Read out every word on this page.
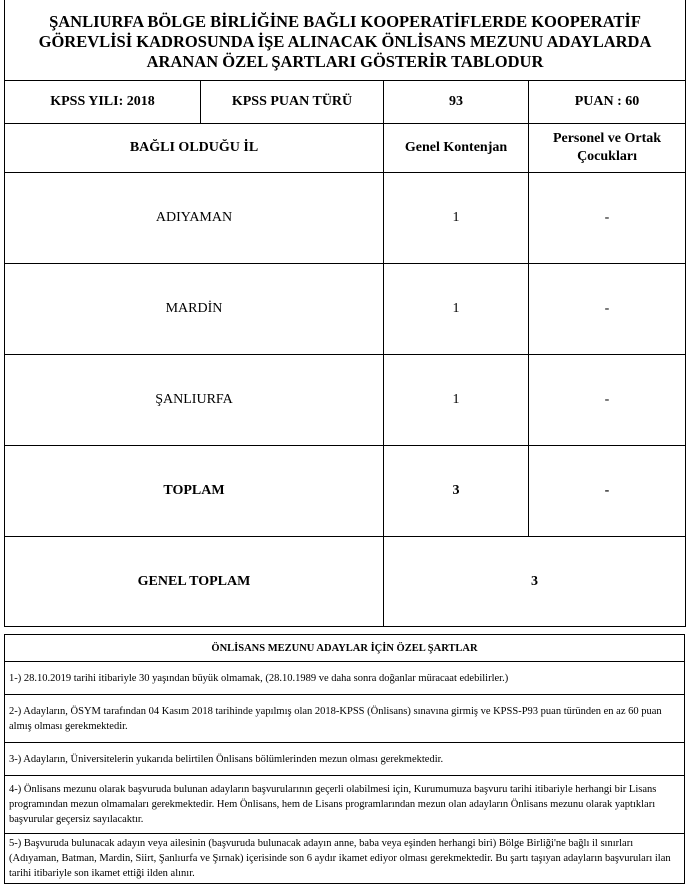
ŞANLIURFA BÖLGE BİRLİĞİNE BAĞLI KOOPERATİFLERDE KOOPERATİF
GÖREVLİSİ KADROSUNDA İŞE ALINACAK ÖNLİSANS MEZUNU ADAYLARDA
ARANAN ÖZEL ŞARTLARI GÖSTERİR TABLODUR			

KPSS YILI: 2018	KPSS PUAN TÜRÜ	93	PUAN : 60
BAĞLI OLDUĞU İL		Genel Kontenjan	Personel ve Ortak Çocukları
ADIYAMAN		1	-
MARDİN		1	-
ŞANLIURFA		1	-
TOPLAM		3	-
GENEL TOPLAM		3	
ÖNLİSANS MEZUNU ADAYLAR İÇİN ÖZEL ŞARTLAR
1-) 28.10.2019 tarihi itibariyle 30 yaşından büyük olmamak, (28.10.1989 ve daha sonra doğanlar müracaat edebilirler.)
2-) Adayların, ÖSYM tarafından 04 Kasım 2018 tarihinde yapılmış olan 2018-KPSS (Önlisans) sınavına girmiş ve KPSS-P93 puan türünden en az 60 puan almış olması gerekmektedir.
3-) Adayların, Üniversitelerin yukarıda belirtilen Önlisans bölümlerinden mezun olması gerekmektedir.
4-) Önlisans mezunu olarak başvuruda bulunan adayların başvurularının geçerli olabilmesi için, Kurumumuza başvuru tarihi itibariyle herhangi bir Lisans programından mezun olmamaları gerekmektedir. Hem Önlisans, hem de Lisans programlarından mezun olan adayların Önlisans mezunu olarak yaptıkları başvurular geçersiz sayılacaktır.
5-) Başvuruda bulunacak adayın veya ailesinin (başvuruda bulunacak adayın anne, baba veya eşinden herhangi biri) Bölge Birliği'ne bağlı il sınırları (Adıyaman, Batman, Mardin, Siirt, Şanlıurfa ve Şırnak) içerisinde son 6 aydır ikamet ediyor olması gerekmektedir. Bu şartı taşıyan adayların başvuruları ilan tarihi itibariyle son ikamet ettiği ilden alınır.
